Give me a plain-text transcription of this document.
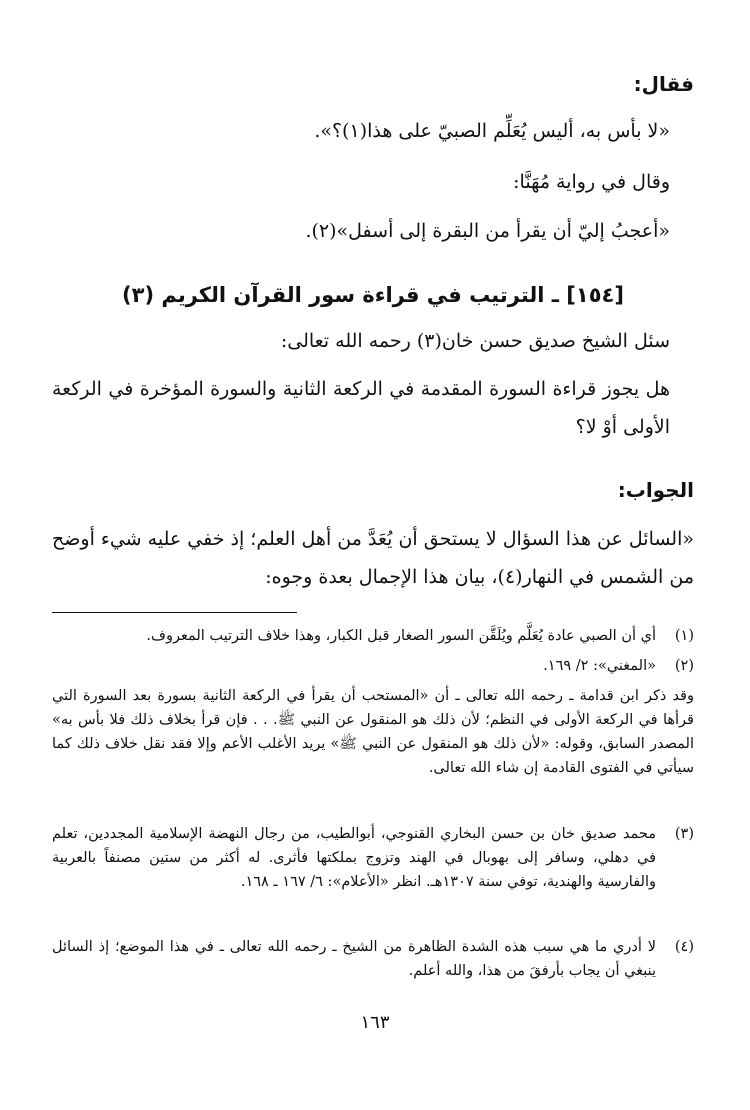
فقال:
«لا بأس به، أليس يُعَلِّم الصبيّ على هذا(١)؟».
وقال في رواية مُهَنَّا:
«أعجبُ إليّ أن يقرأ من البقرة إلى أسفل»(٢).
[١٥٤] ـ الترتيب في قراءة سور القرآن الكريم (٣)
سئل الشيخ صديق حسن خان(٣) رحمه الله تعالى:
هل يجوز قراءة السورة المقدمة في الركعة الثانية والسورة المؤخرة في الركعة الأولى أوْ لا؟
الجواب:
«السائل عن هذا السؤال لا يستحق أن يُعَدَّ من أهل العلم؛ إذ خفي عليه شيء أوضح من الشمس في النهار(٤)، بيان هذا الإجمال بعدة وجوه:
(١)
أي أن الصبي عادة يُعَلَّم ويُلَقَّن السور الصغار قبل الكبار، وهذا خلاف الترتيب المعروف.
(٢)
«المغني»: ٢/ ١٦٩.
وقد ذكر ابن قدامة ـ رحمه الله تعالى ـ أن «المستحب أن يقرأ في الركعة الثانية بسورة بعد السورة التي قرأها في الركعة الأولى في النظم؛ لأن ذلك هو المنقول عن النبي ﷺ. . . فإن قرأ بخلاف ذلك فلا بأس به» المصدر السابق، وقوله: «لأن ذلك هو المنقول عن النبي ﷺ» يريد الأغلب الأعم وإلا فقد نقل خلاف ذلك كما سيأتي في الفتوى القادمة إن شاء الله تعالى.
(٣)
محمد صديق خان بن حسن البخاري القنوجي، أبوالطيب، من رجال النهضة الإسلامية المجددين، تعلم في دهلي، وسافر إلى بهوبال في الهند وتزوج بملكتها فأثرى. له أكثر من ستين مصنفاً بالعربية والفارسية والهندية، توفي سنة ١٣٠٧هـ. انظر «الأعلام»: ٦/ ١٦٧ ـ ١٦٨.
(٤)
لا أدري ما هي سبب هذه الشدة الظاهرة من الشيخ ـ رحمه الله تعالى ـ في هذا الموضع؛ إذ السائل ينبغي أن يجاب بأرفقَ من هذا، والله أعلم.
١٦٣
